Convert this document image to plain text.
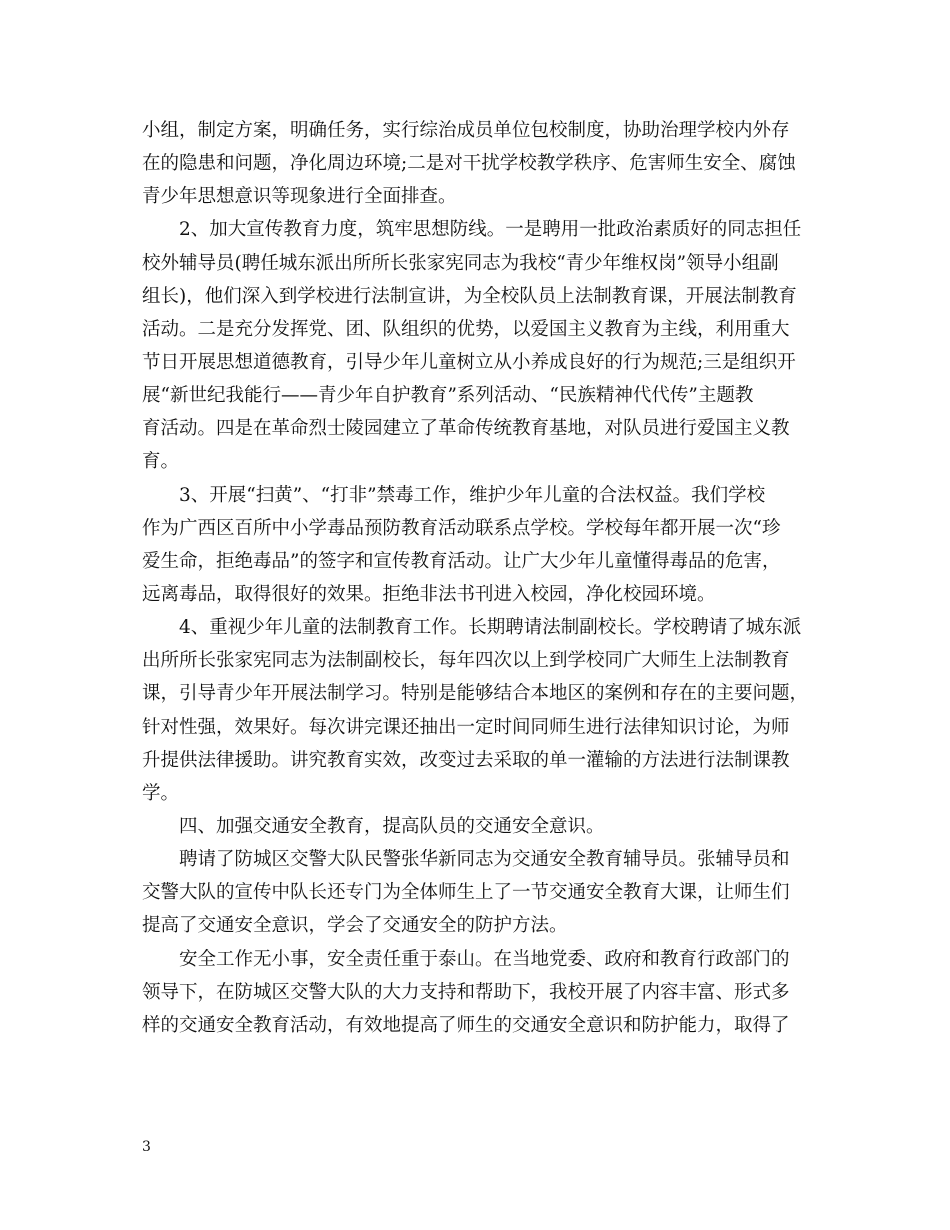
小组，制定方案，明确任务，实行综治成员单位包校制度，协助治理学校内外存
在的隐患和问题，净化周边环境;二是对干扰学校教学秩序、危害师生安全、腐蚀
青少年思想意识等现象进行全面排查。
　　2、加大宣传教育力度，筑牢思想防线。一是聘用一批政治素质好的同志担任
校外辅导员(聘任城东派出所所长张家宪同志为我校“青少年维权岗”领导小组副
组长)，他们深入到学校进行法制宣讲，为全校队员上法制教育课，开展法制教育
活动。二是充分发挥党、团、队组织的优势，以爱国主义教育为主线，利用重大
节日开展思想道德教育，引导少年儿童树立从小养成良好的行为规范;三是组织开
展“新世纪我能行——青少年自护教育”系列活动、“民族精神代代传”主题教
育活动。四是在革命烈士陵园建立了革命传统教育基地，对队员进行爱国主义教
育。
　　3、开展“扫黄”、“打非”禁毒工作，维护少年儿童的合法权益。我们学校
作为广西区百所中小学毒品预防教育活动联系点学校。学校每年都开展一次“珍
爱生命，拒绝毒品”的签字和宣传教育活动。让广大少年儿童懂得毒品的危害，
远离毒品，取得很好的效果。拒绝非法书刊进入校园，净化校园环境。
　　4、重视少年儿童的法制教育工作。长期聘请法制副校长。学校聘请了城东派
出所所长张家宪同志为法制副校长，每年四次以上到学校同广大师生上法制教育
课，引导青少年开展法制学习。特别是能够结合本地区的案例和存在的主要问题，
针对性强，效果好。每次讲完课还抽出一定时间同师生进行法律知识讨论，为师
升提供法律援助。讲究教育实效，改变过去采取的单一灌输的方法进行法制课教
学。
　　四、加强交通安全教育，提高队员的交通安全意识。
　　聘请了防城区交警大队民警张华新同志为交通安全教育辅导员。张辅导员和
交警大队的宣传中队长还专门为全体师生上了一节交通安全教育大课，让师生们
提高了交通安全意识，学会了交通安全的防护方法。
　　安全工作无小事，安全责任重于泰山。在当地党委、政府和教育行政部门的
领导下，在防城区交警大队的大力支持和帮助下，我校开展了内容丰富、形式多
样的交通安全教育活动，有效地提高了师生的交通安全意识和防护能力，取得了
3
